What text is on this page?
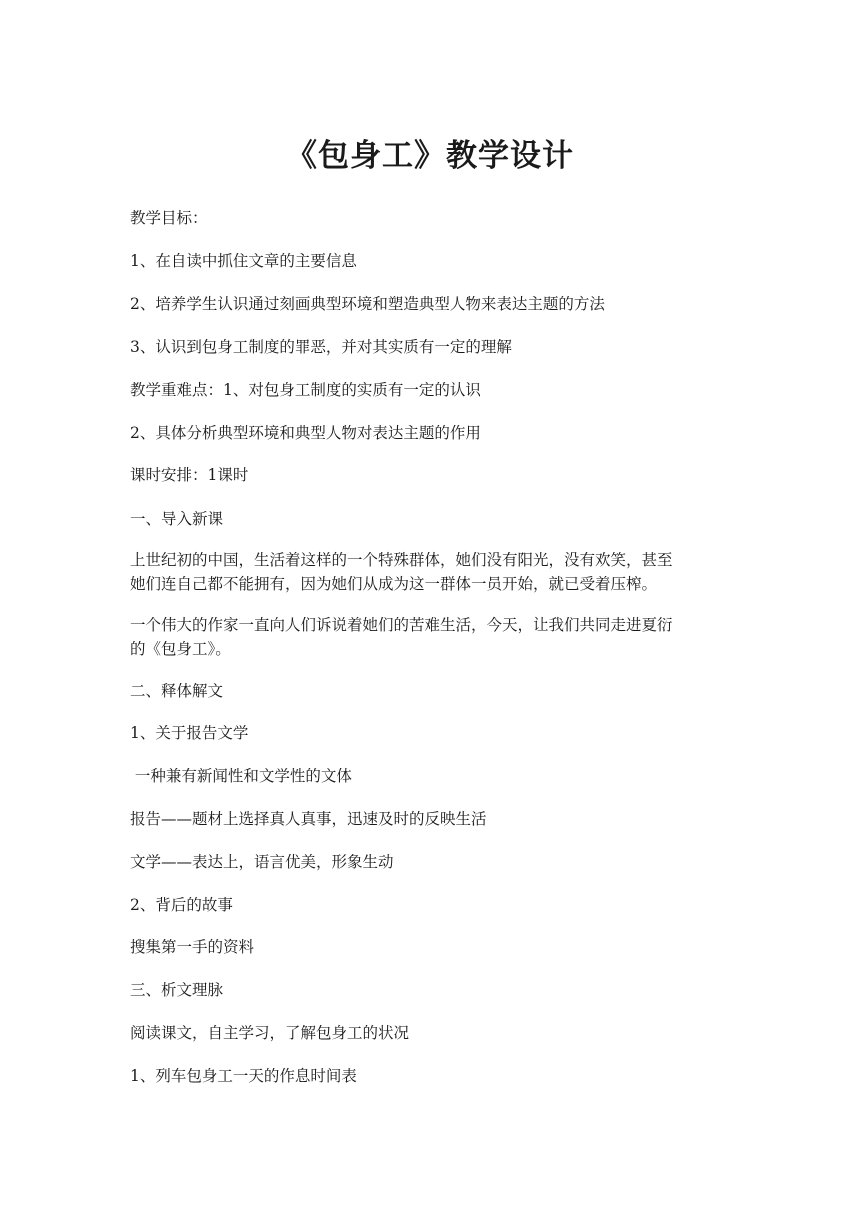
《包身工》教学设计

教学目标：

1、在自读中抓住文章的主要信息

2、培养学生认识通过刻画典型环境和塑造典型人物来表达主题的方法

3、认识到包身工制度的罪恶，并对其实质有一定的理解

教学重难点：1、对包身工制度的实质有一定的认识

2、具体分析典型环境和典型人物对表达主题的作用

课时安排：1课时

一、导入新课

上世纪初的中国，生活着这样的一个特殊群体，她们没有阳光，没有欢笑，甚至
她们连自己都不能拥有，因为她们从成为这一群体一员开始，就已受着压榨。
一个伟大的作家一直向人们诉说着她们的苦难生活，今天，让我们共同走进夏衍
的《包身工》。

二、释体解文

1、关于报告文学

一种兼有新闻性和文学性的文体

报告——题材上选择真人真事，迅速及时的反映生活

文学——表达上，语言优美，形象生动

2、背后的故事

搜集第一手的资料

三、析文理脉

阅读课文，自主学习，了解包身工的状况

1、列车包身工一天的作息时间表
